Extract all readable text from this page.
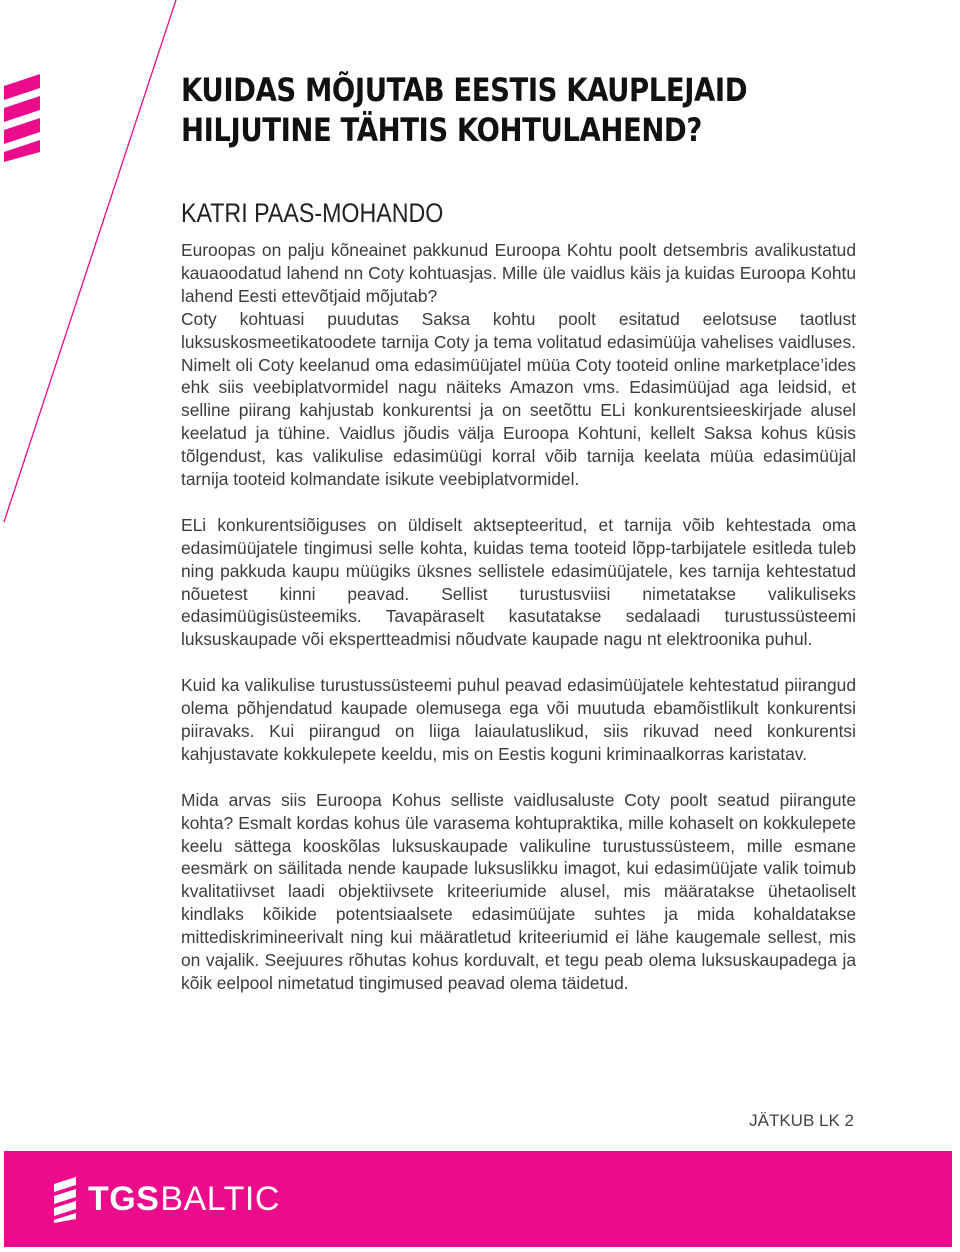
KUIDAS MÕJUTAB EESTIS KAUPLEJAID
HILJUTINE TÄHTIS KOHTULAHEND?
KATRI PAAS-MOHANDO

Euroopas on palju kõneainet pakkunud Euroopa Kohtu poolt detsembris avalikustatud kauaoodatud lahend nn Coty kohtuasjas. Mille üle vaidlus käis ja kuidas Euroopa Kohtu lahend Eesti ettevõtjaid mõjutab?

Coty kohtuasi puudutas Saksa kohtu poolt esitatud eelotsuse taotlust luksuskosmeetikatoodete tarnija Coty ja tema volitatud edasimüüja vahelises vaidluses. Nimelt oli Coty keelanud oma edasimüüjatel müüa Coty tooteid online marketplace’ides ehk siis veebiplatvormidel nagu näiteks Amazon vms. Edasimüüjad aga leidsid, et selline piirang kahjustab konkurentsi ja on seetõttu ELi konkurentsieeskirjade alusel keelatud ja tühine. Vaidlus jõudis välja Euroopa Kohtuni, kellelt Saksa kohus küsis tõlgendust, kas valikulise edasimüügi korral võib tarnija keelata müüa edasimüüjal tarnija tooteid kolmandate isikute veebiplatvormidel.

ELi konkurentsiõiguses on üldiselt aktsepteeritud, et tarnija võib kehtestada oma edasimüüjatele tingimusi selle kohta, kuidas tema tooteid lõpp-tarbijatele esitleda tuleb ning pakkuda kaupu müügiks üksnes sellistele edasimüüjatele, kes tarnija kehtestatud nõuetest kinni peavad. Sellist turustusviisi nimetatakse valikuliseks edasimüügisüsteemiks. Tavapäraselt kasutatakse sedalaadi turustussüsteemi luksuskaupade või ekspertteadmisi nõudvate kaupade nagu nt elektroonika puhul.

Kuid ka valikulise turustussüsteemi puhul peavad edasimüüjatele kehtestatud piirangud olema põhjendatud kaupade olemusega ega või muutuda ebamõistlikult konkurentsi piiravaks. Kui piirangud on liiga laiaulatuslikud, siis rikuvad need konkurentsi kahjustavate kokkulepete keeldu, mis on Eestis koguni kriminaalkorras karistatav.

Mida arvas siis Euroopa Kohus selliste vaidlusaluste Coty poolt seatud piirangute kohta? Esmalt kordas kohus üle varasema kohtupraktika, mille kohaselt on kokkulepete keelu sättega kooskõlas luksuskaupade valikuline turustussüsteem, mille esmane eesmärk on säilitada nende kaupade luksuslikku imagot, kui edasimüüjate valik toimub kvalitatiivset laadi objektiivsete kriteeriumide alusel, mis määratakse ühetaoliselt kindlaks kõikide potentsiaalsete edasimüüjate suhtes ja mida kohaldatakse mittediskrimineerivalt ning kui määratletud kriteeriumid ei lähe kaugemale sellest, mis on vajalik. Seejuures rõhutas kohus korduvalt, et tegu peab olema luksuskaupadega ja kõik eelpool nimetatud tingimused peavad olema täidetud.

JÄTKUB LK 2
TGS BALTIC
